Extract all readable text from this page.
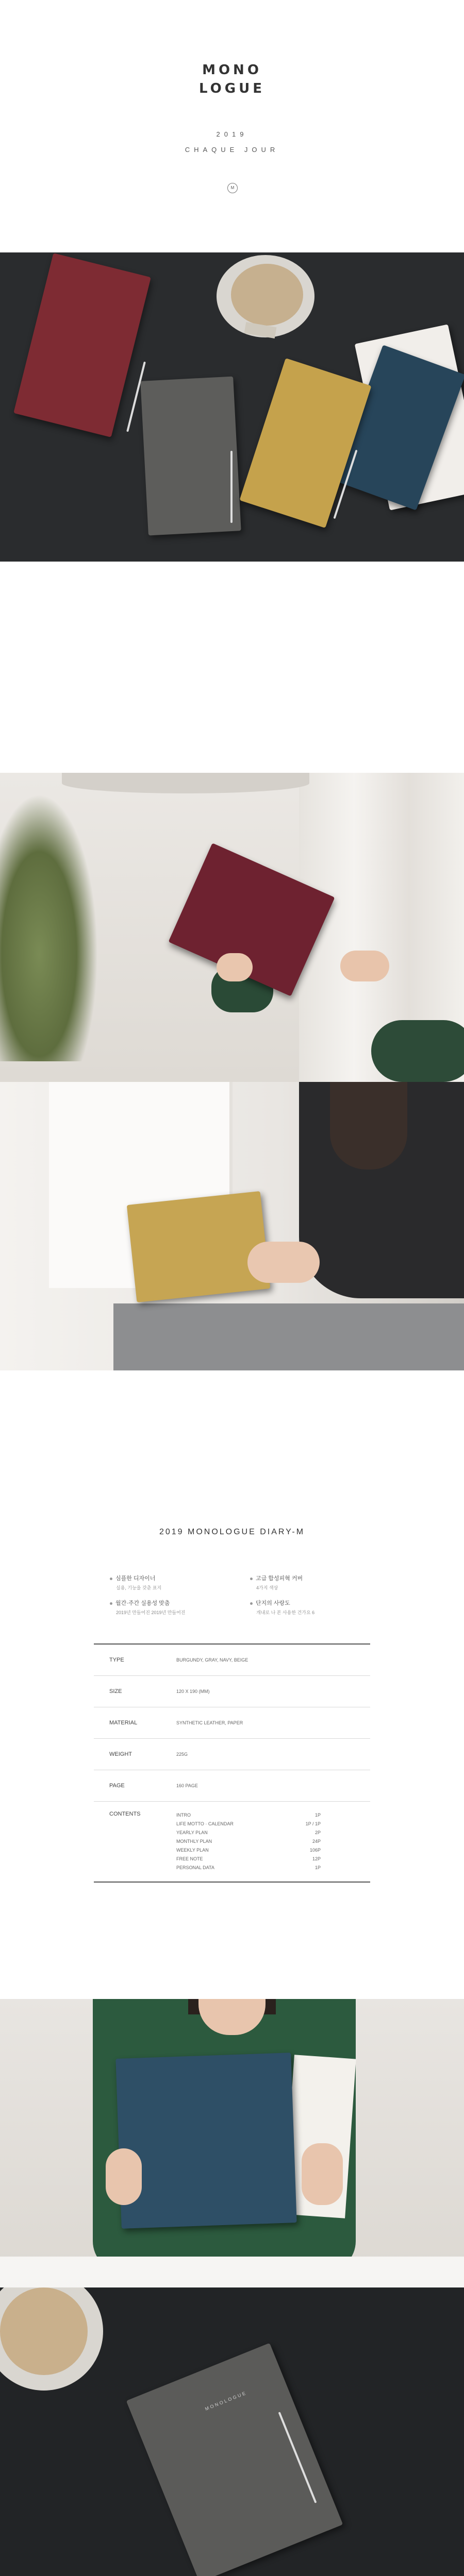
MONO
LOGUE
2019
CHAQUE JOUR
M
2019 MONOLOGUE DIARY-M
심플한 디자이너
실용, 기능을 갖춘 표지
고급 합성피혁 커버
4가지 색상
월간·주간 실용성 맞춤
2019년 만들어진 2019년 만들어진
단지의 사랑도
개내로 나 본 사용한 건가요 6
TYPE	BURGUNDY, GRAY, NAVY, BEIGE
SIZE	120 X 190 (MM)
MATERIAL	SYNTHETIC LEATHER, PAPER
WEIGHT	225G
PAGE	160 PAGE
CONTENTS	INTRO	1P
LIFE MOTTO · CALENDAR	1P / 1P
YEARLY PLAN	2P
MONTHLY PLAN	24P
WEEKLY PLAN	106P
FREE NOTE	12P
PERSONAL DATA	1P
MONOLOGUE
